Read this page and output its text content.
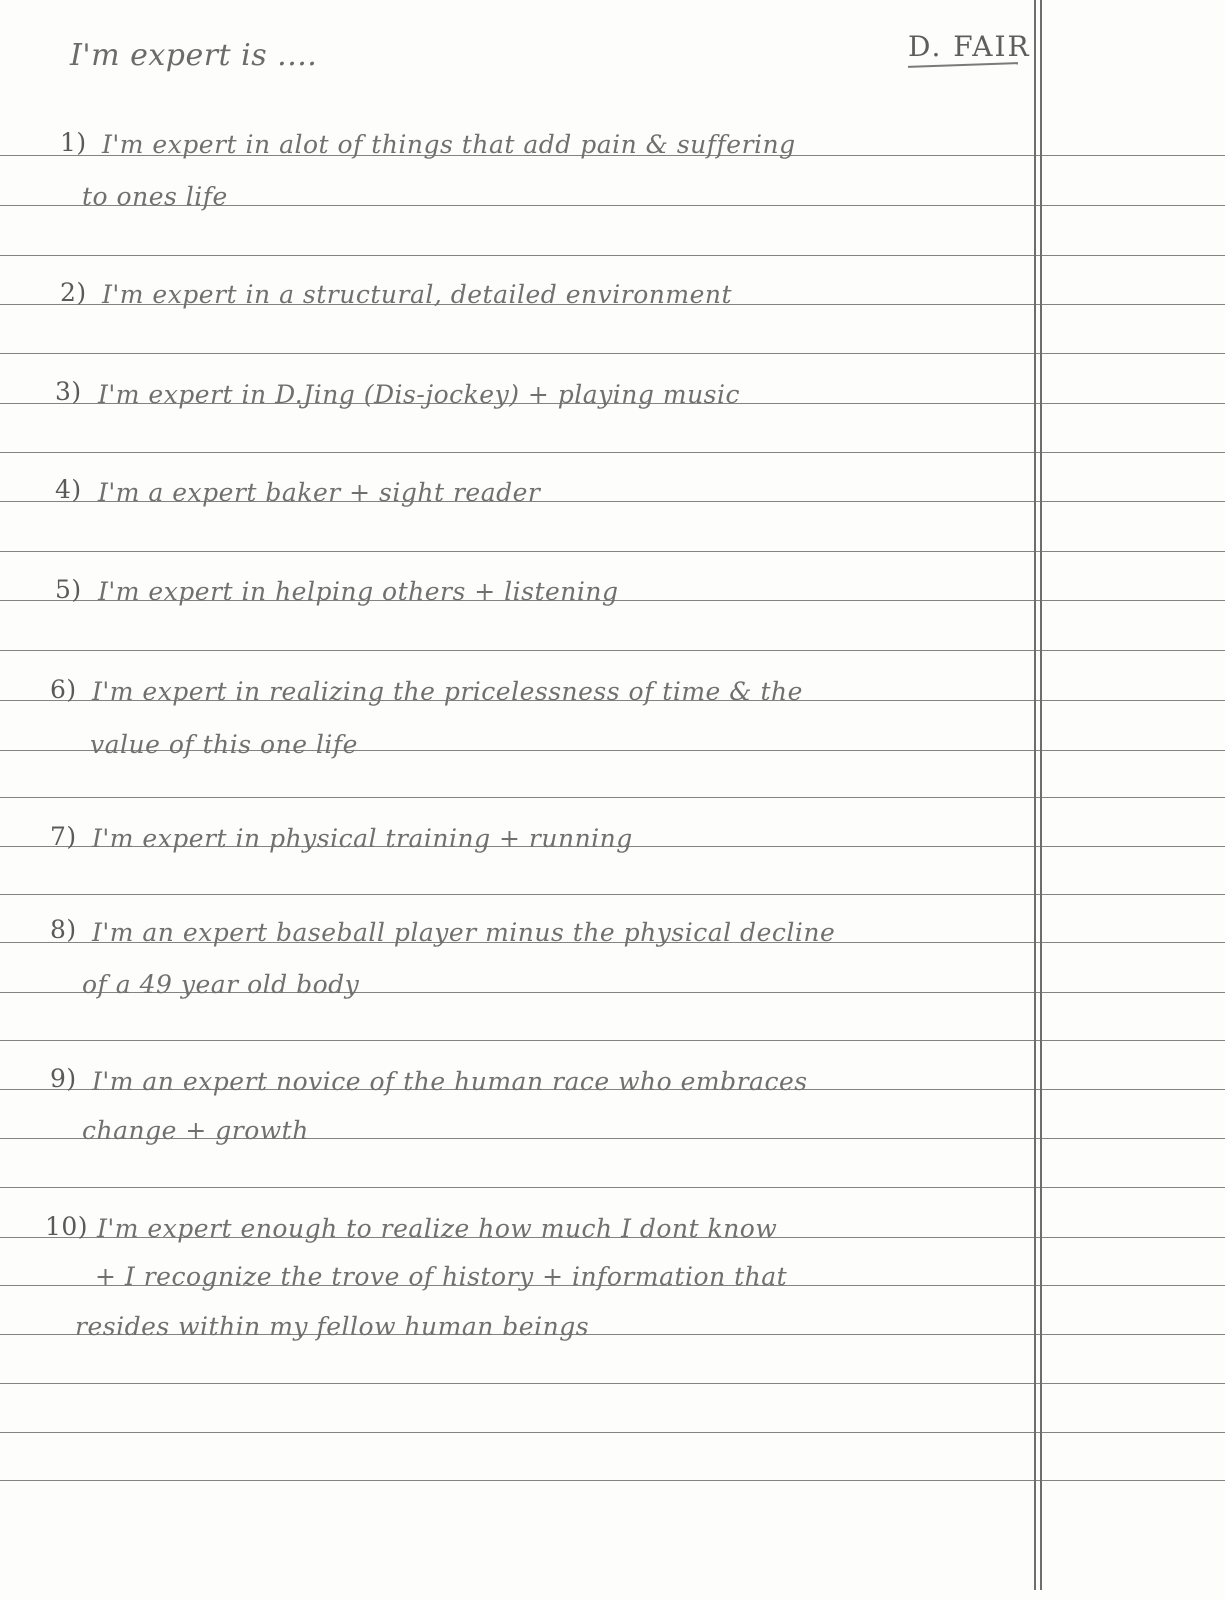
I'm expert is ....	D. FAIR
1) I'm expert in alot of things that add pain & suffering
to ones life
2) I'm expert in a structural, detailed environment
3) I'm expert in D.Jing (Dis-jockey) + playing music
4) I'm a expert baker + sight reader
5) I'm expert in helping others + listening
6) I'm expert in realizing the pricelessness of time & the
value of this one life
7) I'm expert in physical training + running
8) I'm an expert baseball player minus the physical decline
of a 49 year old body
9) I'm an expert novice of the human race who embraces
change + growth
10) I'm expert enough to realize how much I dont know
+ I recognize the trove of history + information that
resides within my fellow human beings
